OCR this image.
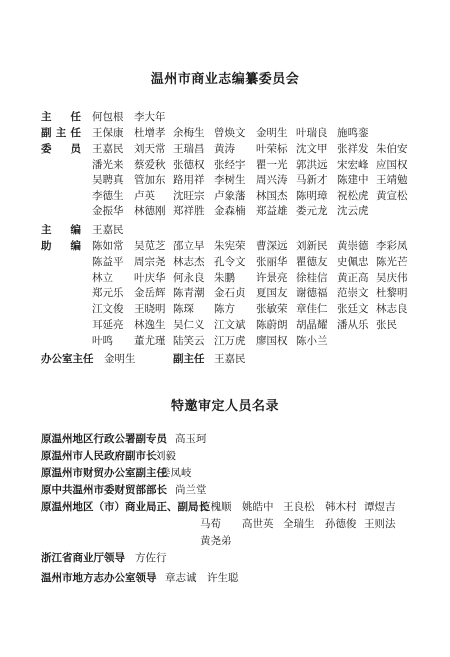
温州市商业志编纂委员会
主任 何包根 李大年
副主任 王保康 杜增孝 余梅生 曾焕文 金明生 叶瑞良 施鸣銮
委员 王嘉民 刘天常 王瑞昌 黄涛 叶荣标 沈文甲 张祥发 朱伯安
潘光来 蔡爱秋 张德权 张经宇 瞿一光 郭洪远 宋宏峰 应国权
吴聘真 管加东 路用祥 李树生 周兴涛 马新才 陈建中 王靖勉
李德生 卢英 沈旺宗 卢象藩 林国杰 陈明璋 祝松虎 黄宣松
金振华 林德刚 郑祥胜 金森楠 郑益雄 娄元龙 沈云虎
主编 王嘉民
助编 陈如常 吴苋芝 邵立早 朱宪荣 曹深远 刘新民 黄崇德 李彩凤
陈益平 周宗尧 林志杰 孔令文 张丽华 瞿德友 史佩忠 陈光芒
林立 叶庆华 何永良 朱鹏 许景亮 徐桂信 黄正高 吴庆伟
郑元乐 金岳辉 陈青潮 金石贞 夏国友 谢德福 范崇文 杜黎明
江文俊 王晓明 陈琛 陈方 张敏荣 章佳仁 张廷文 林志良
耳延亮 林逸生 吴仁义 江文斌 陈蔚朗 胡晶耀 潘从乐 张民
叶鸣 董尤瑾 陆笑云 江万虎 廖国权 陈小兰
办公室主任 金明生	副主任 王嘉民
特邀审定人员名录
原温州地区行政公署副专员 高玉珂
原温州市人民政府副市长
刘毅
原温州市财贸办公室副主任
姜凤岐
原中共温州市委财贸部部长 尚兰堂
原温州地区（市）商业局正、副局长
范槐顺 姚皓中 王良松 韩木村 谭煜吉
马荀 高世英 全瑞生 孙德俊 王则法
黄尧弟
浙江省商业厅领导 方佐行
温州市地方志办公室领导 章志诚 许生聪
